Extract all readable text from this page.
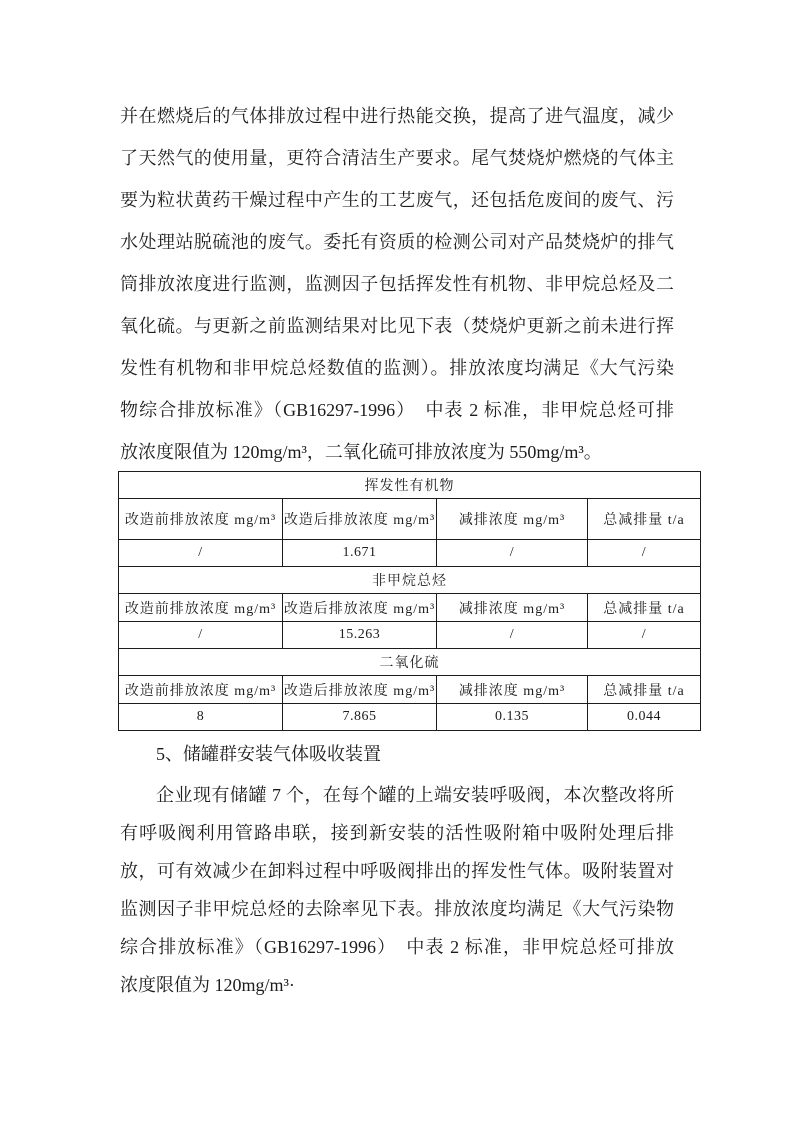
并在燃烧后的气体排放过程中进行热能交换，提高了进气温度，减少
了天然气的使用量，更符合清洁生产要求。尾气焚烧炉燃烧的气体主
要为粒状黄药干燥过程中产生的工艺废气，还包括危废间的废气、污
水处理站脱硫池的废气。委托有资质的检测公司对产品焚烧炉的排气
筒排放浓度进行监测，监测因子包括挥发性有机物、非甲烷总烃及二
氧化硫。与更新之前监测结果对比见下表（焚烧炉更新之前未进行挥
发性有机物和非甲烷总烃数值的监测）。排放浓度均满足《大气污染
物综合排放标准》（GB16297-1996）　中表 2 标准，非甲烷总烃可排
放浓度限值为 120mg/m³，二氧化硫可排放浓度为 550mg/m³。
挥发性有机物			
改造前排放浓度 mg/m³	改造后排放浓度 mg/m³	减排浓度 mg/m³	总减排量 t/a
/	1.671	/	/
非甲烷总烃			
改造前排放浓度 mg/m³	改造后排放浓度 mg/m³	减排浓度 mg/m³	总减排量 t/a
/	15.263	/	/
二氧化硫			
改造前排放浓度 mg/m³	改造后排放浓度 mg/m³	减排浓度 mg/m³	总减排量 t/a
8	7.865	0.135	0.044
5、储罐群安装气体吸收装置
企业现有储罐 7 个，在每个罐的上端安装呼吸阀，本次整改将所
有呼吸阀利用管路串联，接到新安装的活性吸附箱中吸附处理后排
放，可有效减少在卸料过程中呼吸阀排出的挥发性气体。吸附装置对
监测因子非甲烷总烃的去除率见下表。排放浓度均满足《大气污染物
综合排放标准》（GB16297-1996）　中表 2 标准，非甲烷总烃可排放
浓度限值为 120mg/m³·
